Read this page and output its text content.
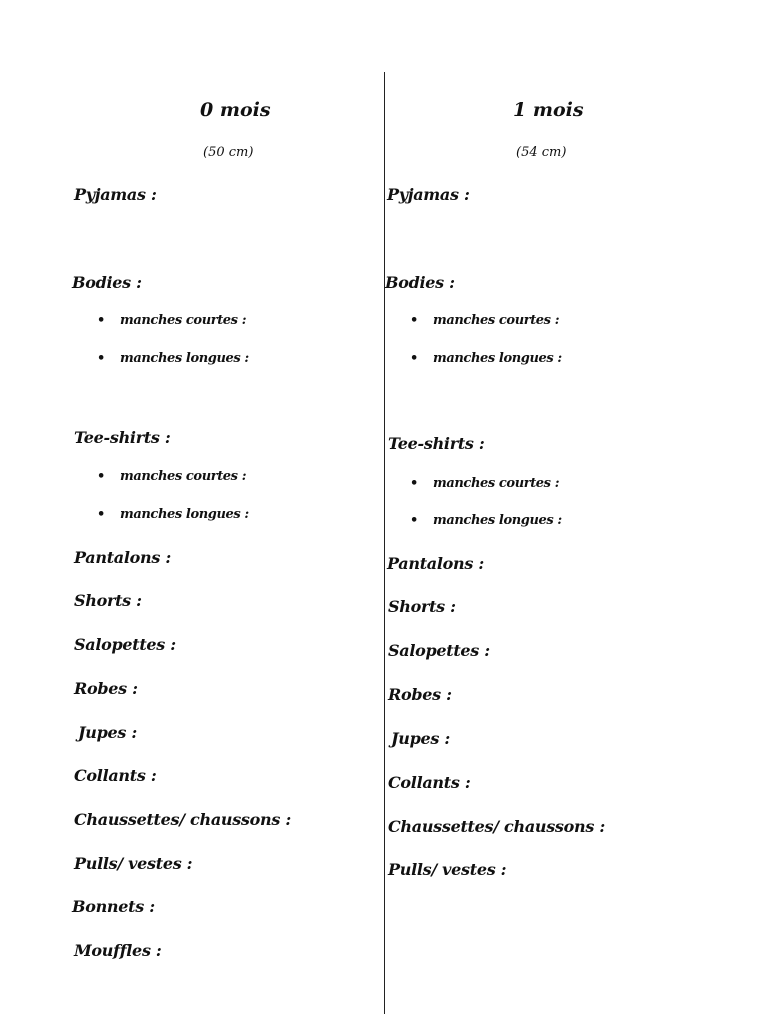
0 mois
(50 cm)
Pyjamas :
Bodies :
• manches courtes :
• manches longues :
Tee-shirts :
• manches courtes :
• manches longues :
Pantalons :
Shorts :
Salopettes :
Robes :
Jupes :
Collants :
Chaussettes/ chaussons :
Pulls/ vestes :
Bonnets :
Mouffles :
1 mois
(54 cm)
Pyjamas :
Bodies :
• manches courtes :
• manches longues :
Tee-shirts :
• manches courtes :
• manches longues :
Pantalons :
Shorts :
Salopettes :
Robes :
Jupes :
Collants :
Chaussettes/ chaussons :
Pulls/ vestes :
